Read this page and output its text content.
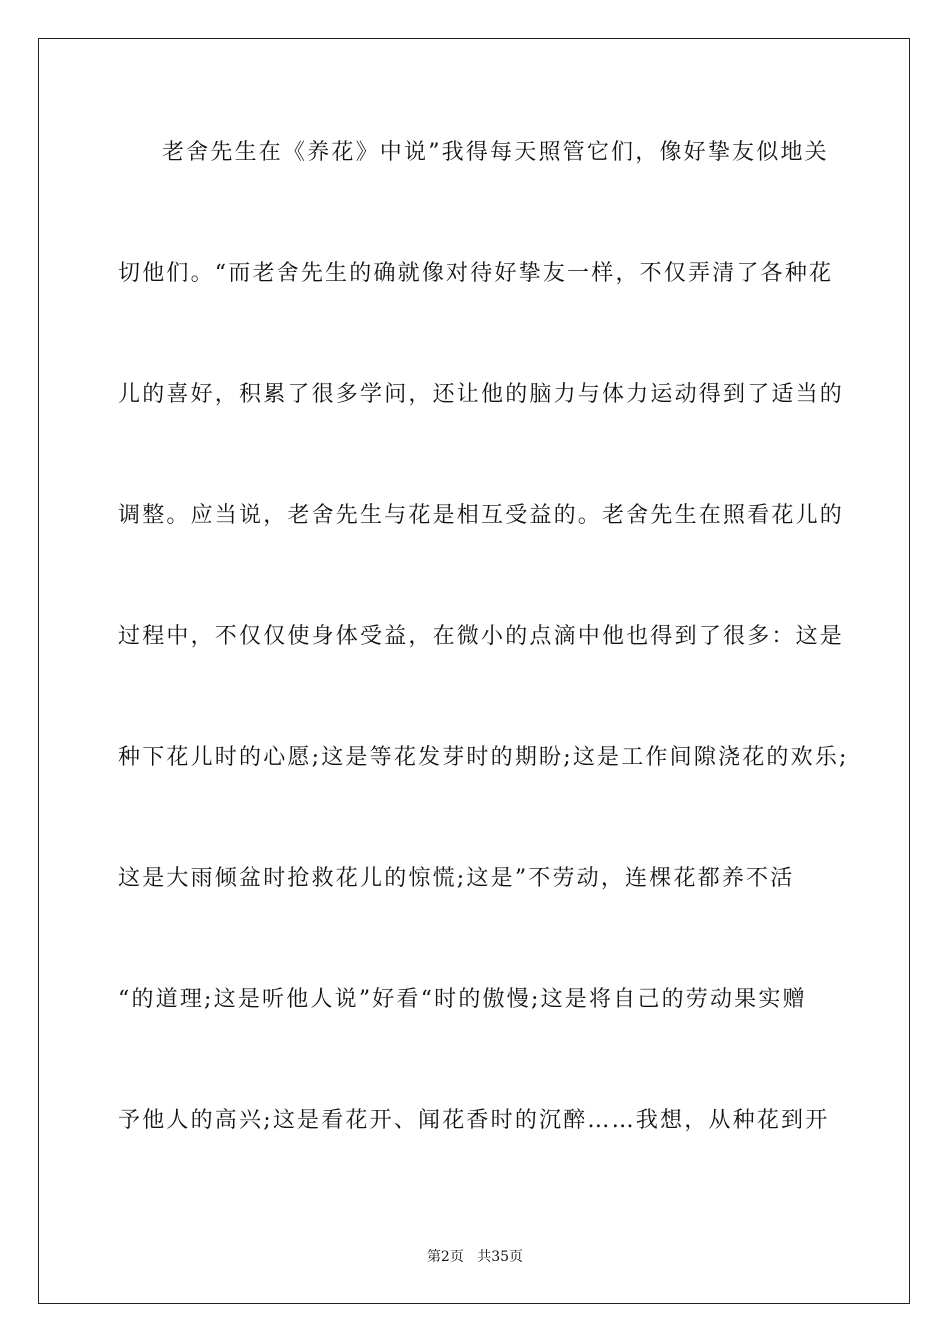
老舍先生在《养花》中说”我得每天照管它们，像好挚友似地关
切他们。“而老舍先生的确就像对待好挚友一样，不仅弄清了各种花
儿的喜好，积累了很多学问，还让他的脑力与体力运动得到了适当的
调整。应当说，老舍先生与花是相互受益的。老舍先生在照看花儿的
过程中，不仅仅使身体受益，在微小的点滴中他也得到了很多：这是
种下花儿时的心愿;这是等花发芽时的期盼;这是工作间隙浇花的欢乐;
这是大雨倾盆时抢救花儿的惊慌;这是”不劳动，连棵花都养不活
“的道理;这是听他人说”好看“时的傲慢;这是将自己的劳动果实赠
予他人的高兴;这是看花开、闻花香时的沉醉……我想，从种花到开
第2页 共35页
